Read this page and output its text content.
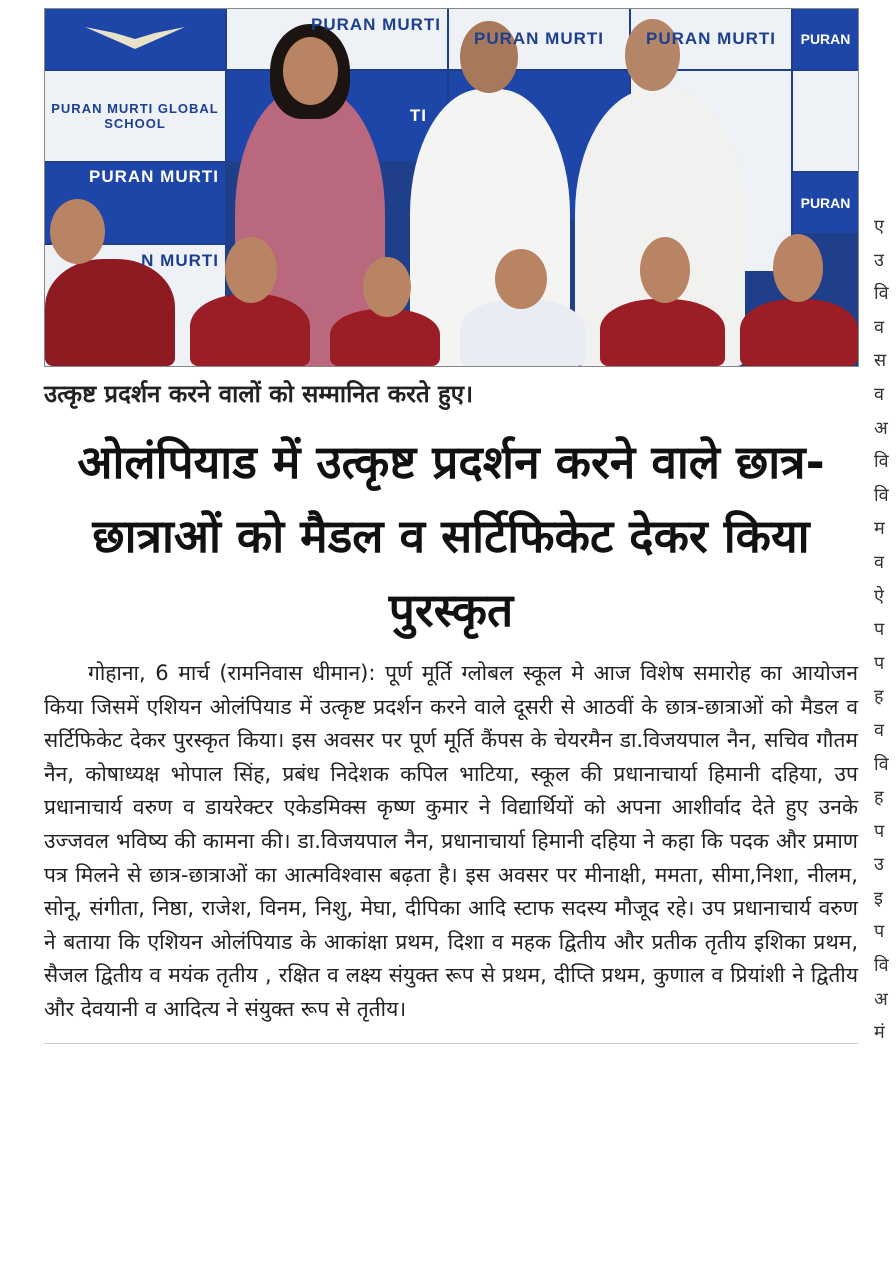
PURAN MURTI GLOBAL SCHOOL
PURAN MURTI
N MURTI
PURAN MURTI
TI
PURAN MURTI PURAN MURTI PURAN
PURAN
उत्कृष्ट प्रदर्शन करने वालों को सम्मानित करते हुए।
ओलंपियाड में उत्कृष्ट प्रदर्शन करने वाले छात्र-छात्राओं को मैडल व सर्टिफिकेट देकर किया पुरस्कृत
गोहाना, 6 मार्च (रामनिवास धीमान): पूर्ण मूर्ति ग्लोबल स्कूल मे आज विशेष समारोह का आयोजन किया जिसमें एशियन ओलंपियाड में उत्कृष्ट प्रदर्शन करने वाले दूसरी से आठवीं के छात्र-छात्राओं को मैडल व सर्टिफिकेट देकर पुरस्कृत किया। इस अवसर पर पूर्ण मूर्ति कैंपस के चेयरमैन डा.विजयपाल नैन, सचिव गौतम नैन, कोषाध्यक्ष भोपाल सिंह, प्रबंध निदेशक कपिल भाटिया, स्कूल की प्रधानाचार्या हिमानी दहिया, उप प्रधानाचार्य वरुण व डायरेक्टर एकेडमिक्स कृष्ण कुमार ने विद्यार्थियों को अपना आशीर्वाद देते हुए उनके उज्जवल भविष्य की कामना की। डा.विजयपाल नैन, प्रधानाचार्या हिमानी दहिया ने कहा कि पदक और प्रमाण पत्र मिलने से छात्र-छात्राओं का आत्मविश्वास बढ़ता है। इस अवसर पर मीनाक्षी, ममता, सीमा,निशा, नीलम, सोनू, संगीता, निष्ठा, राजेश, विनम, निशु, मेघा, दीपिका आदि स्टाफ सदस्य मौजूद रहे। उप प्रधानाचार्य वरुण ने बताया कि एशियन ओलंपियाड के आकांक्षा प्रथम, दिशा व महक द्वितीय और प्रतीक तृतीय इशिका प्रथम, सैजल द्वितीय व मयंक तृतीय , रक्षित व लक्ष्य संयुक्त रूप से प्रथम, दीप्ति प्रथम, कुणाल व प्रियांशी ने द्वितीय और देवयानी व आदित्य ने संयुक्त रूप से तृतीय।
ए
उ
वि
व
स
व
अ
वि
वि
म
व
ऐ
प
प
ह
व
वि
ह
प
उ
इ
प
वि
अ
मं
